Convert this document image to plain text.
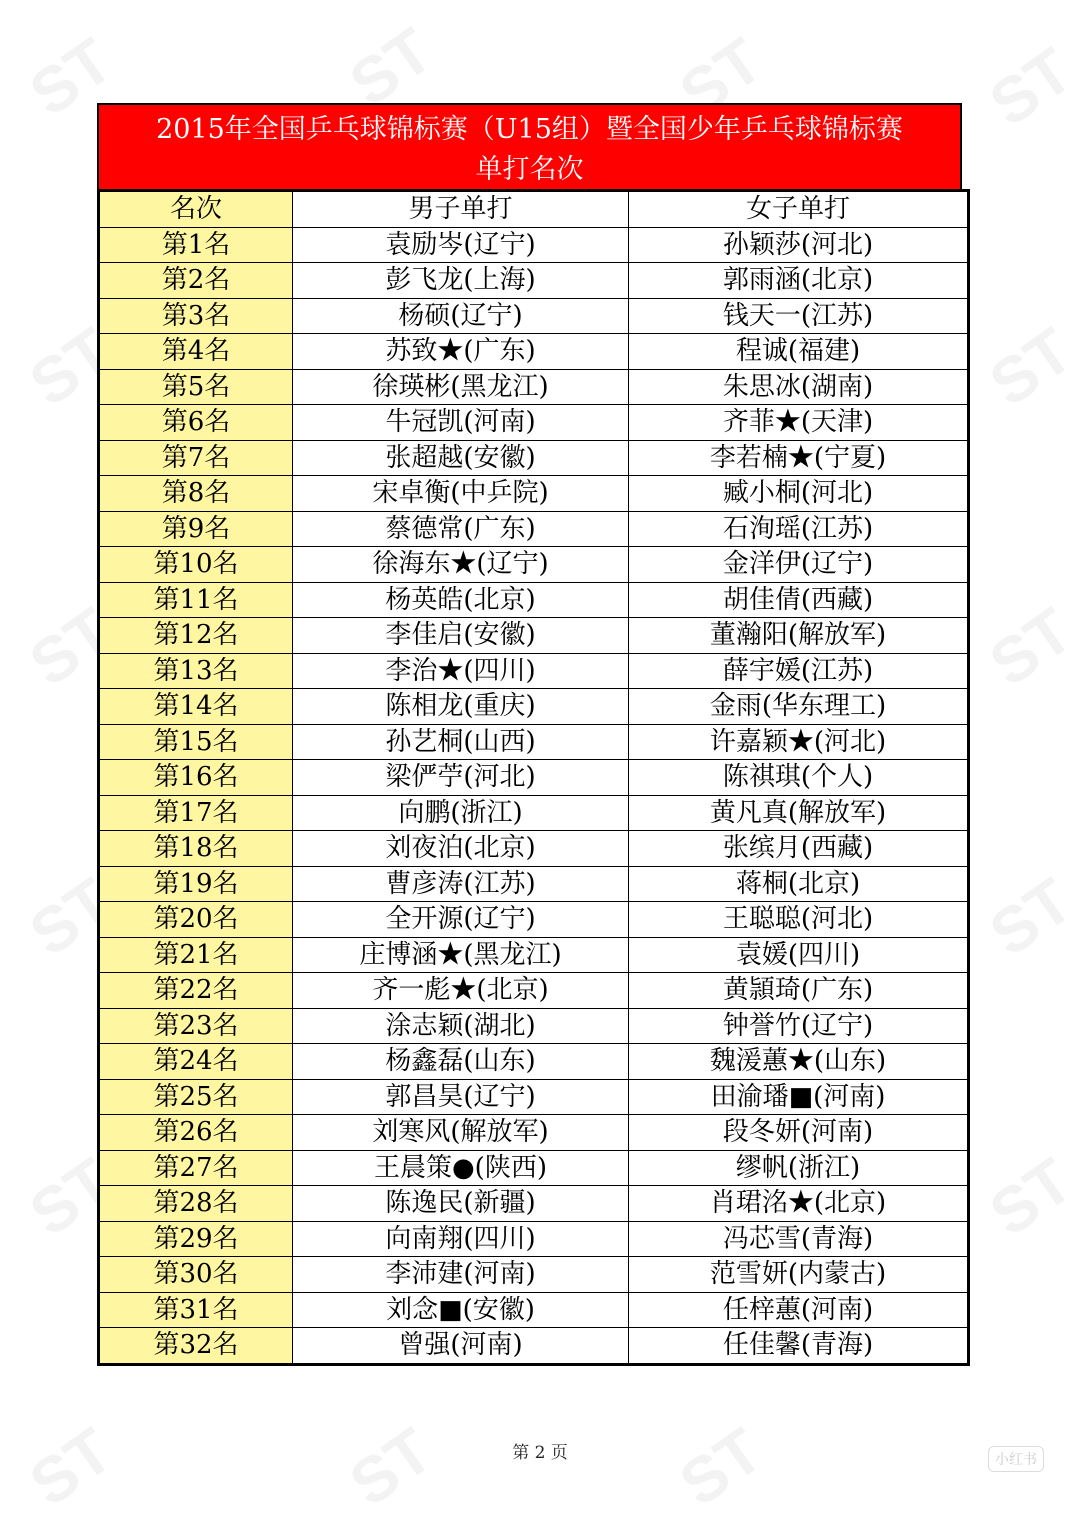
2015年全国乒乓球锦标赛（U15组）暨全国少年乒乓球锦标赛
单打名次
名次	男子单打	女子单打
第1名	袁励岑(辽宁)	孙颖莎(河北)
第2名	彭飞龙(上海)	郭雨涵(北京)
第3名	杨硕(辽宁)	钱天一(江苏)
第4名	苏致★(广东)	程诚(福建)
第5名	徐瑛彬(黑龙江)	朱思冰(湖南)
第6名	牛冠凯(河南)	齐菲★(天津)
第7名	张超越(安徽)	李若楠★(宁夏)
第8名	宋卓衡(中乒院)	臧小桐(河北)
第9名	蔡德常(广东)	石洵瑶(江苏)
第10名	徐海东★(辽宁)	金洋伊(辽宁)
第11名	杨英皓(北京)	胡佳倩(西藏)
第12名	李佳启(安徽)	董瀚阳(解放军)
第13名	李治★(四川)	薛宇媛(江苏)
第14名	陈相龙(重庆)	金雨(华东理工)
第15名	孙艺桐(山西)	许嘉颖★(河北)
第16名	梁俨苧(河北)	陈祺琪(个人)
第17名	向鹏(浙江)	黄凡真(解放军)
第18名	刘夜泊(北京)	张缤月(西藏)
第19名	曹彦涛(江苏)	蒋桐(北京)
第20名	全开源(辽宁)	王聪聪(河北)
第21名	庄博涵★(黑龙江)	袁媛(四川)
第22名	齐一彪★(北京)	黄頴琦(广东)
第23名	涂志颖(湖北)	钟誉竹(辽宁)
第24名	杨鑫磊(山东)	魏湲蕙★(山东)
第25名	郭昌昊(辽宁)	田渝璠■(河南)
第26名	刘寒风(解放军)	段冬妍(河南)
第27名	王晨策●(陕西)	缪帆(浙江)
第28名	陈逸民(新疆)	肖珺洺★(北京)
第29名	向南翔(四川)	冯芯雪(青海)
第30名	李沛建(河南)	范雪妍(内蒙古)
第31名	刘念■(安徽)	任梓蕙(河南)
第32名	曾强(河南)	任佳馨(青海)
第 2 页	小红书
